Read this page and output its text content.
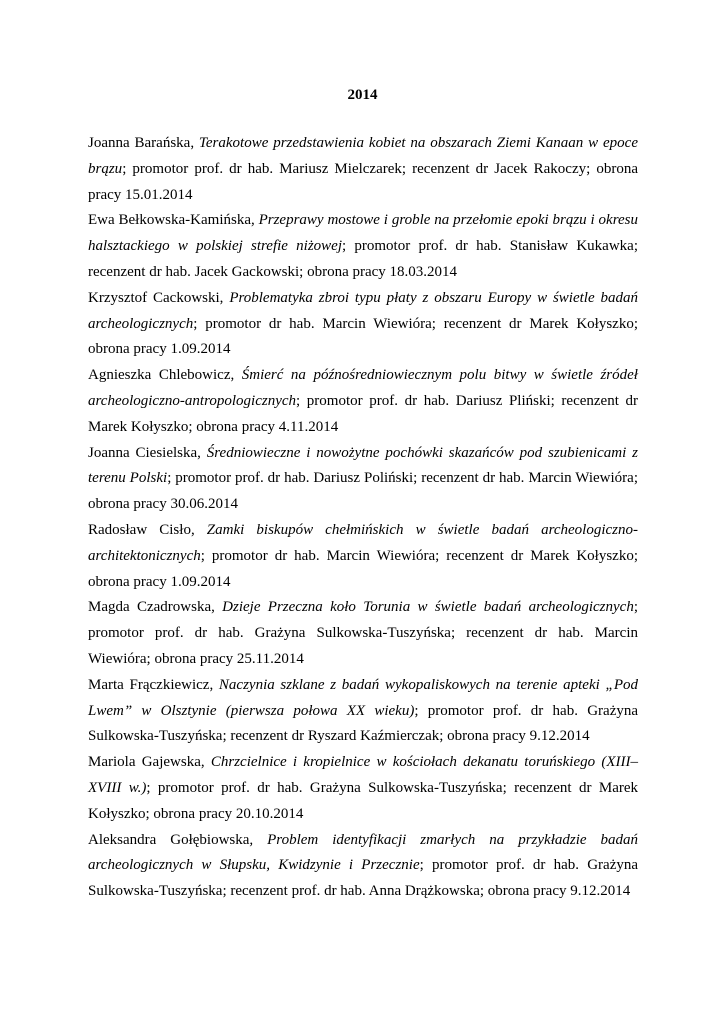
2014

Joanna Barańska, Terakotowe przedstawienia kobiet na obszarach Ziemi Kanaan w epoce brązu; promotor prof. dr hab. Mariusz Mielczarek; recenzent dr Jacek Rakoczy; obrona pracy 15.01.2014

Ewa Bełkowska-Kamińska, Przeprawy mostowe i groble na przełomie epoki brązu i okresu halsztackiego w polskiej strefie niżowej; promotor prof. dr hab. Stanisław Kukawka; recenzent dr hab. Jacek Gackowski; obrona pracy 18.03.2014

Krzysztof Cackowski, Problematyka zbroi typu płaty z obszaru Europy w świetle badań archeologicznych; promotor dr hab. Marcin Wiewióra; recenzent dr Marek Kołyszko; obrona pracy 1.09.2014

Agnieszka Chlebowicz, Śmierć na późnośredniowiecznym polu bitwy w świetle źródeł archeologiczno-antropologicznych; promotor prof. dr hab. Dariusz Pliński; recenzent dr Marek Kołyszko; obrona pracy 4.11.2014

Joanna Ciesielska, Średniowieczne i nowożytne pochówki skazańców pod szubienicami z terenu Polski; promotor prof. dr hab. Dariusz Poliński; recenzent dr hab. Marcin Wiewióra; obrona pracy 30.06.2014

Radosław Cisło, Zamki biskupów chełmińskich w świetle badań archeologiczno-architektonicznych; promotor dr hab. Marcin Wiewióra; recenzent dr Marek Kołyszko; obrona pracy 1.09.2014

Magda Czadrowska, Dzieje Przeczna koło Torunia w świetle badań archeologicznych; promotor prof. dr hab. Grażyna Sulkowska-Tuszyńska; recenzent dr hab. Marcin Wiewióra; obrona pracy 25.11.2014

Marta Frączkiewicz, Naczynia szklane z badań wykopaliskowych na terenie apteki „Pod Lwem” w Olsztynie (pierwsza połowa XX wieku); promotor prof. dr hab. Grażyna Sulkowska-Tuszyńska; recenzent dr Ryszard Kaźmierczak; obrona pracy 9.12.2014

Mariola Gajewska, Chrzcielnice i kropielnice w kościołach dekanatu toruńskiego (XIII–XVIII w.); promotor prof. dr hab. Grażyna Sulkowska-Tuszyńska; recenzent dr Marek Kołyszko; obrona pracy 20.10.2014

Aleksandra Gołębiowska, Problem identyfikacji zmarłych na przykładzie badań archeologicznych w Słupsku, Kwidzynie i Przecznie; promotor prof. dr hab. Grażyna Sulkowska-Tuszyńska; recenzent prof. dr hab. Anna Drążkowska; obrona pracy 9.12.2014
